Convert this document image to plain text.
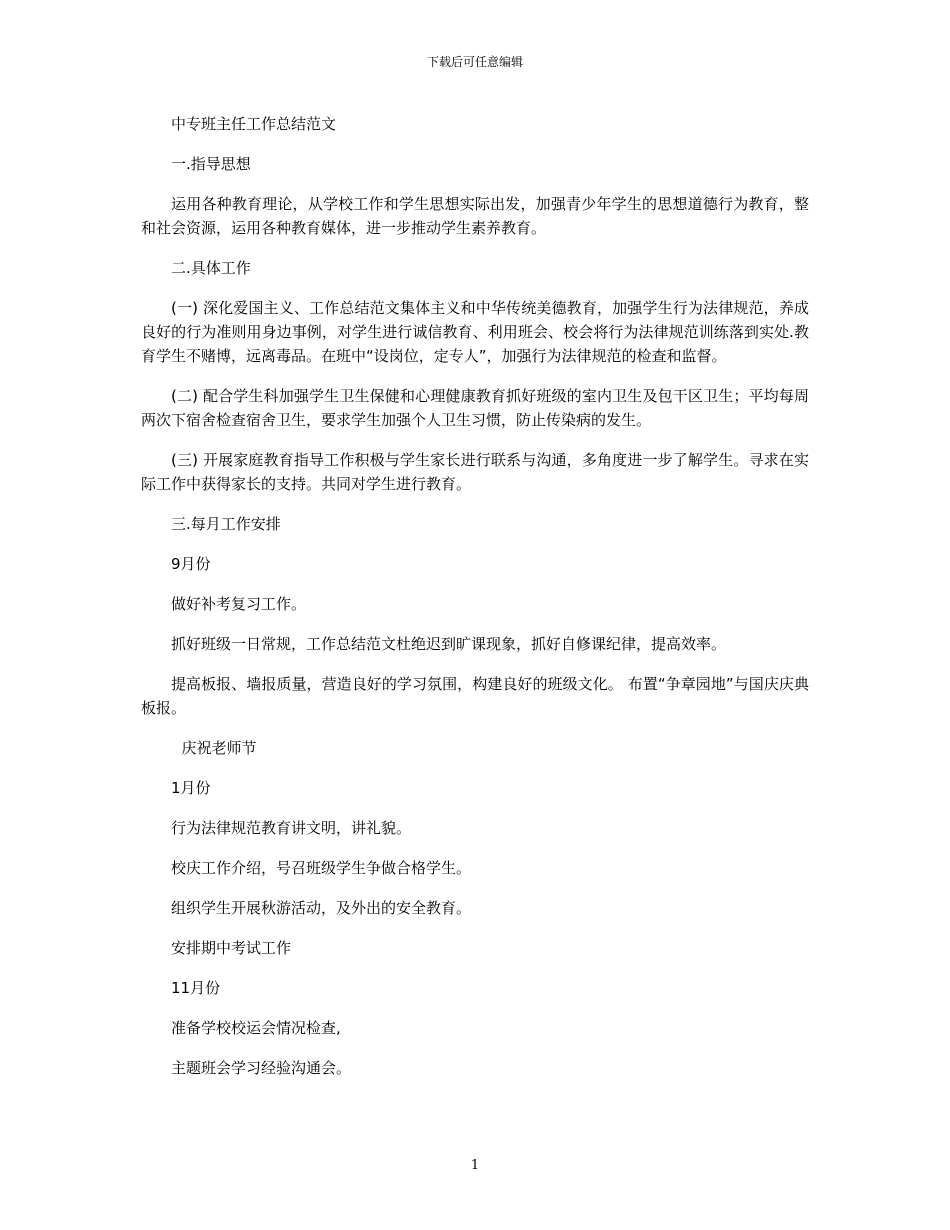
下载后可任意编辑

中专班主任工作总结范文

一.指导思想

运用各种教育理论，从学校工作和学生思想实际出发，加强青少年学生的思想道德行为教育，整和社会资源，运用各种教育媒体，进一步推动学生素养教育。

二.具体工作

(一) 深化爱国主义、工作总结范文集体主义和中华传统美德教育，加强学生行为法律规范，养成良好的行为准则用身边事例，对学生进行诚信教育、利用班会、校会将行为法律规范训练落到实处.教育学生不赌博，远离毒品。在班中“设岗位，定专人”，加强行为法律规范的检查和监督。

(二) 配合学生科加强学生卫生保健和心理健康教育抓好班级的室内卫生及包干区卫生；平均每周两次下宿舍检查宿舍卫生，要求学生加强个人卫生习惯，防止传染病的发生。

(三) 开展家庭教育指导工作积极与学生家长进行联系与沟通，多角度进一步了解学生。寻求在实际工作中获得家长的支持。共同对学生进行教育。

三.每月工作安排

9月份

做好补考复习工作。

抓好班级一日常规，工作总结范文杜绝迟到旷课现象，抓好自修课纪律，提高效率。

提高板报、墙报质量，营造良好的学习氛围，构建良好的班级文化。 布置“争章园地”与国庆庆典板报。

庆祝老师节

1月份

行为法律规范教育讲文明，讲礼貌。

校庆工作介绍，号召班级学生争做合格学生。

组织学生开展秋游活动，及外出的安全教育。

安排期中考试工作

11月份

准备学校校运会情况检查,

主题班会学习经验沟通会。

1
